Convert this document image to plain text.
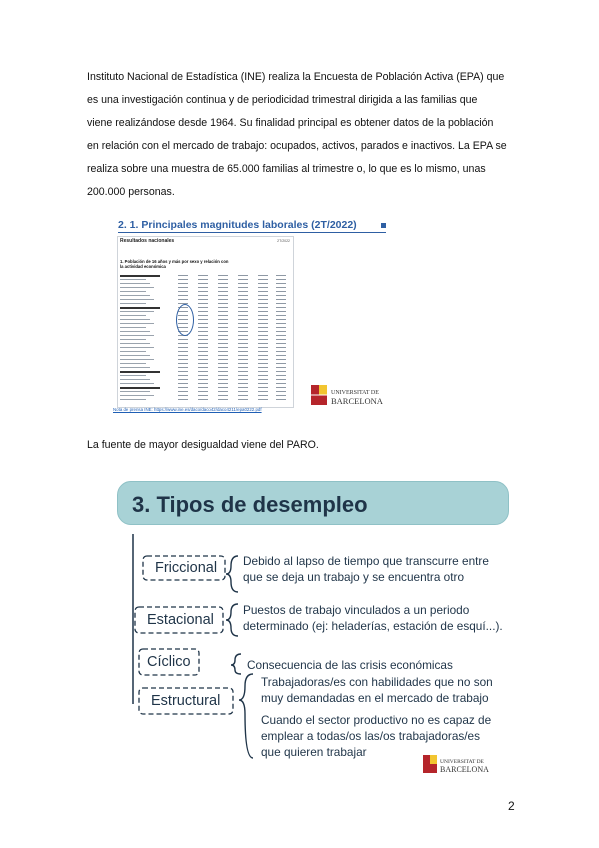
Instituto Nacional de Estadística (INE) realiza la Encuesta de Población Activa (EPA) que
es una investigación continua y de periodicidad trimestral dirigida a las familias que
viene realizándose desde 1964. Su finalidad principal es obtener datos de la población
en relación con el mercado de trabajo: ocupados, activos, parados e inactivos. La EPA se
realiza sobre una muestra de 65.000 familias al trimestre o, lo que es lo mismo, unas
200.000 personas.

2. 1. Principales magnitudes laborales (2T/2022)
Resultados nacionales	2T/2022
1. Población de 16 años y más por sexo y relación con la actividad económica
UNIVERSITAT DE
BARCELONA
Nota de prensa INE: https://www.ine.es/daco/daco42/daco4211/epa0222.pdf
La fuente de mayor desigualdad viene del PARO.
3. Tipos de desempleo
Friccional Debido al lapso de tiempo que transcurre entre
que se deja un trabajo y se encuentra otro
Estacional
Puestos de trabajo vinculados a un periodo
determinado (ej: heladerías, estación de esquí...).
Cíclico	Consecuencia de las crisis económicas
Estructural
Trabajadoras/es con habilidades que no son
muy demandadas en el mercado de trabajo
Cuando el sector productivo no es capaz de
emplear a todas/os las/os trabajadoras/es
que quieren trabajar
UNIVERSITAT DE
BARCELONA
2
